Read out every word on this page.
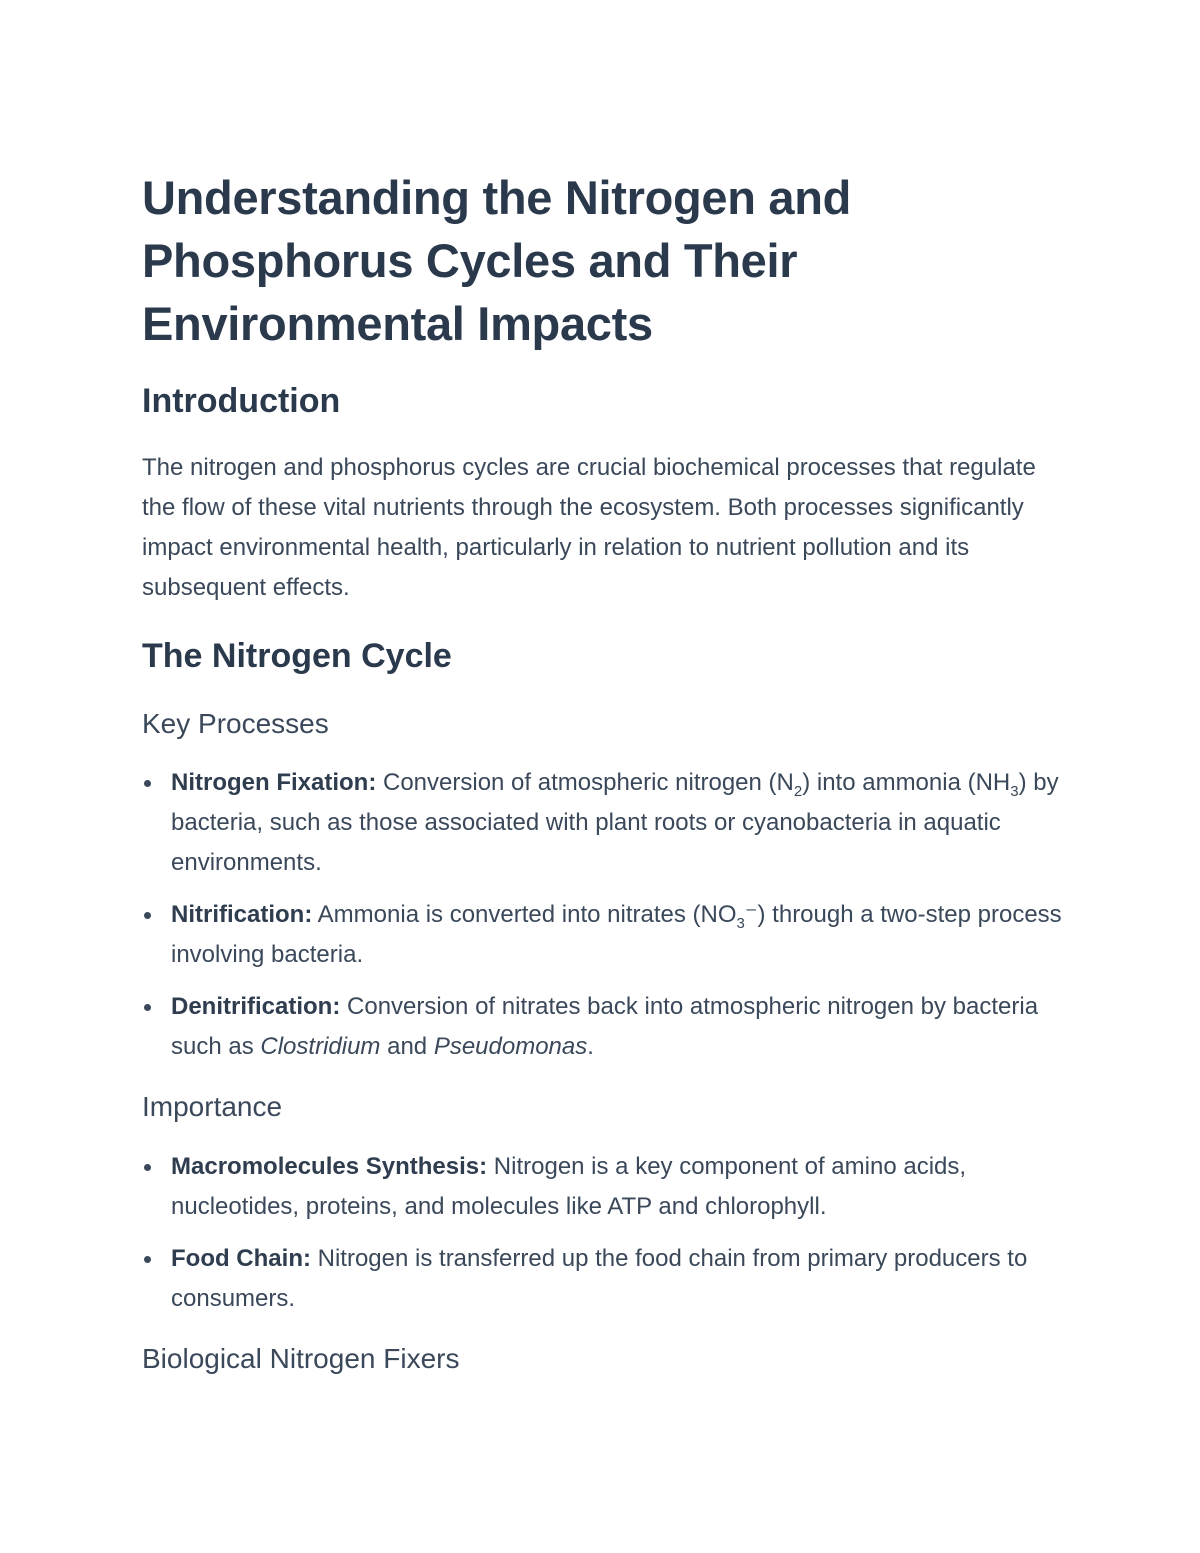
Understanding the Nitrogen and Phosphorus Cycles and Their Environmental Impacts
Introduction

The nitrogen and phosphorus cycles are crucial biochemical processes that regulate the flow of these vital nutrients through the ecosystem. Both processes significantly impact environmental health, particularly in relation to nutrient pollution and its subsequent effects.

The Nitrogen Cycle
Key Processes
Nitrogen Fixation: Conversion of atmospheric nitrogen $(N_2)$ into ammonia $(NH_3)$ by bacteria, such as those associated with plant roots or cyanobacteria in aquatic environments.
Nitrification: Ammonia is converted into nitrates $(NO_3^-)$ through a two-step process involving bacteria.
Denitrification: Conversion of nitrates back into atmospheric nitrogen by bacteria such as Clostridium and Pseudomonas.
Importance
Macromolecules Synthesis: Nitrogen is a key component of amino acids, nucleotides, proteins, and molecules like ATP and chlorophyll.
Food Chain: Nitrogen is transferred up the food chain from primary producers to consumers.
Biological Nitrogen Fixers
